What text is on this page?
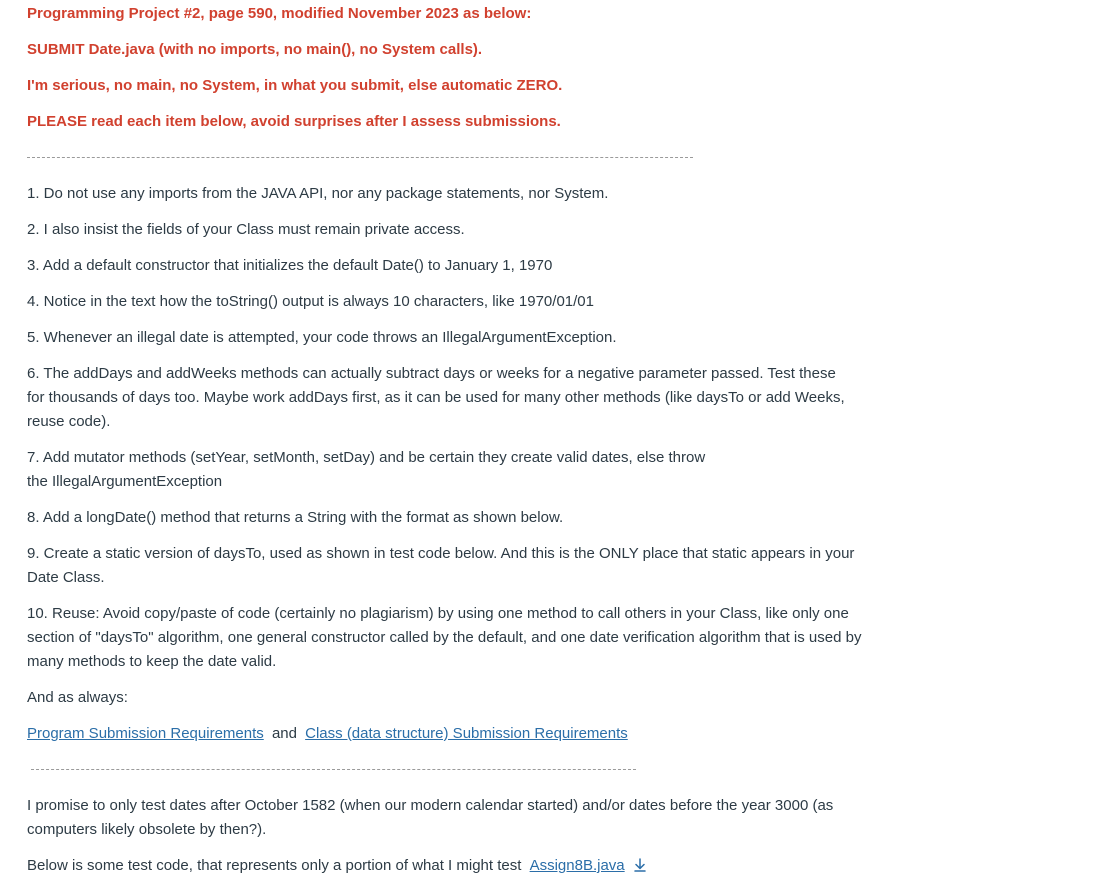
Programming Project #2, page 590, modified November 2023 as below:
SUBMIT Date.java (with no imports, no main(), no System calls).
I'm serious, no main, no System, in what you submit, else automatic ZERO.
PLEASE read each item below, avoid surprises after I assess submissions.
1. Do not use any imports from the JAVA API, nor any package statements, nor System.
2. I also insist the fields of your Class must remain private access.
3. Add a default constructor that initializes the default Date() to January 1, 1970
4. Notice in the text how the toString() output is always 10 characters, like 1970/01/01
5. Whenever an illegal date is attempted, your code throws an IllegalArgumentException.
6. The addDays and addWeeks methods can actually subtract days or weeks for a negative parameter passed. Test these for thousands of days too. Maybe work addDays first, as it can be used for many other methods (like daysTo or add Weeks, reuse code).
7. Add mutator methods (setYear, setMonth, setDay) and be certain they create valid dates, else throw
the IllegalArgumentException
8. Add a longDate() method that returns a String with the format as shown below.
9. Create a static version of daysTo, used as shown in test code below. And this is the ONLY place that static appears in your Date Class.
10. Reuse: Avoid copy/paste of code (certainly no plagiarism) by using one method to call others in your Class, like only one section of "daysTo" algorithm, one general constructor called by the default, and one date verification algorithm that is used by many methods to keep the date valid.
And as always:
Program Submission Requirements and Class (data structure) Submission Requirements
I promise to only test dates after October 1582 (when our modern calendar started) and/or dates before the year 3000 (as computers likely obsolete by then?).
Below is some test code, that represents only a portion of what I might test Assign8B.java
